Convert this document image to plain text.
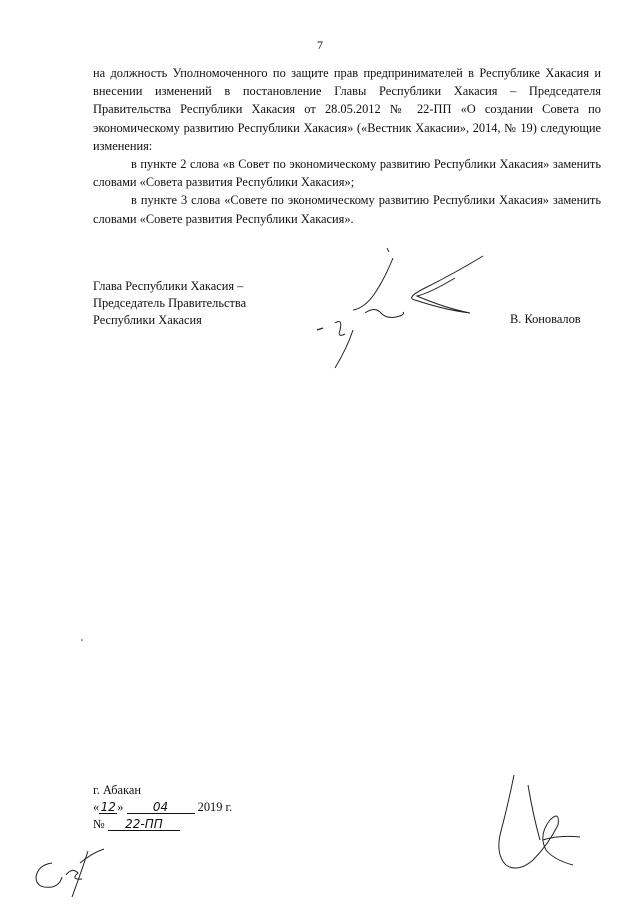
7

на должность Уполномоченного по защите прав предпринимателей в Республике Хакасия и внесении изменений в постановление Главы Республики Хакасия – Председателя Правительства Республики Хакасия от 28.05.2012 № 22-ПП «О создании Совета по экономическому развитию Республики Хакасия» («Вестник Хакасии», 2014, № 19) следующие изменения:

в пункте 2 слова «в Совет по экономическому развитию Республики Хакасия» заменить словами «Совета развития Республики Хакасия»;

в пункте 3 слова «Совете по экономическому развитию Республики Хакасия» заменить словами «Совете развития Республики Хакасия».

Глава Республики Хакасия –
Председатель Правительства
Республики Хакасия	В. Коновалов
г. Абакан
«12» 04 2019 г.
№ 22-ПП
